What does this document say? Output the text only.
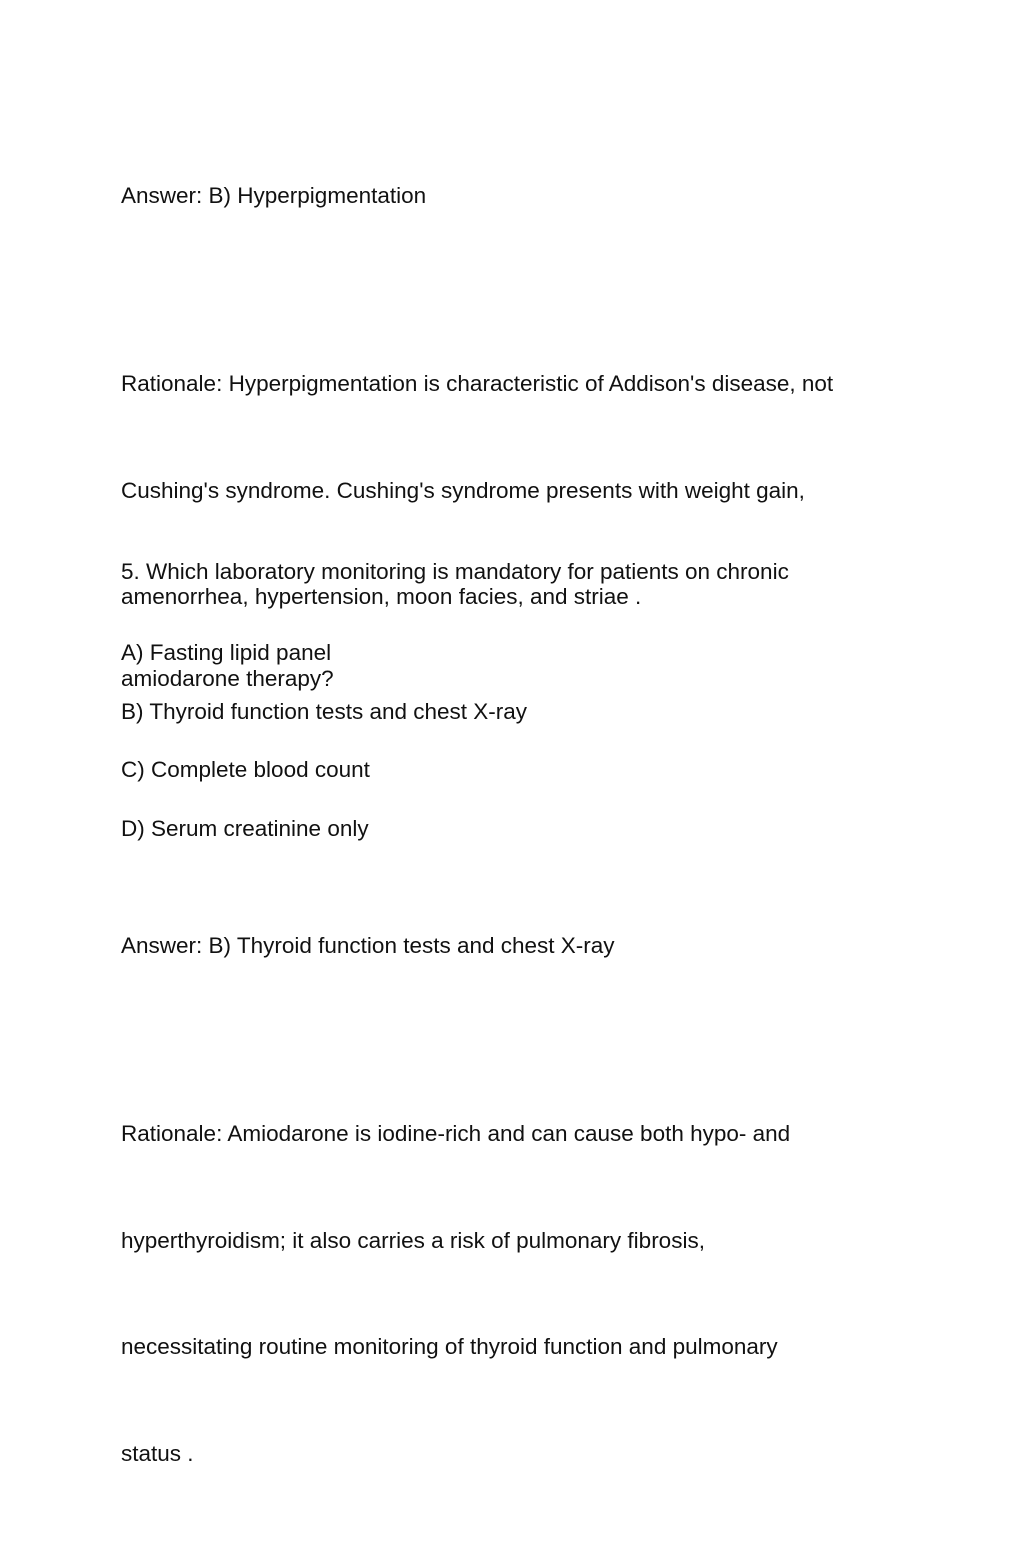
Answer: B) Hyperpigmentation

Rationale: Hyperpigmentation is characteristic of Addison's disease, not

Cushing's syndrome. Cushing's syndrome presents with weight gain,

amenorrhea, hypertension, moon facies, and striae .

5. Which laboratory monitoring is mandatory for patients on chronic

amiodarone therapy?

A) Fasting lipid panel
B) Thyroid function tests and chest X-ray
C) Complete blood count
D) Serum creatinine only
Answer: B) Thyroid function tests and chest X-ray

Rationale: Amiodarone is iodine-rich and can cause both hypo- and

hyperthyroidism; it also carries a risk of pulmonary fibrosis,

necessitating routine monitoring of thyroid function and pulmonary

status .
